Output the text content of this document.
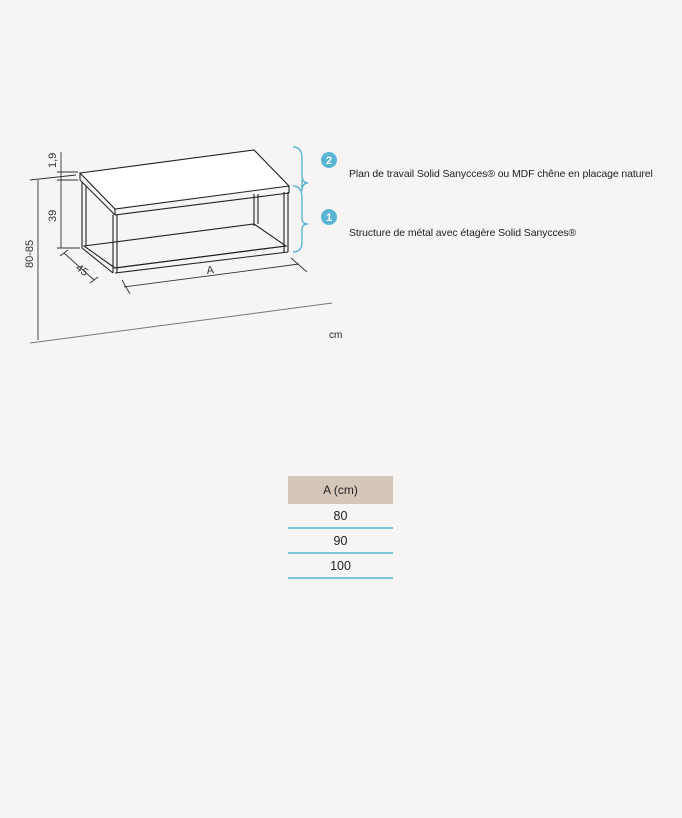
1,9
39
80-85
45	A
2
1
Plan de travail Solid Sanycces® ou MDF chêne en placage naturel
Structure de métal avec étagère Solid Sanycces®
cm
A (cm)
80
90
100
